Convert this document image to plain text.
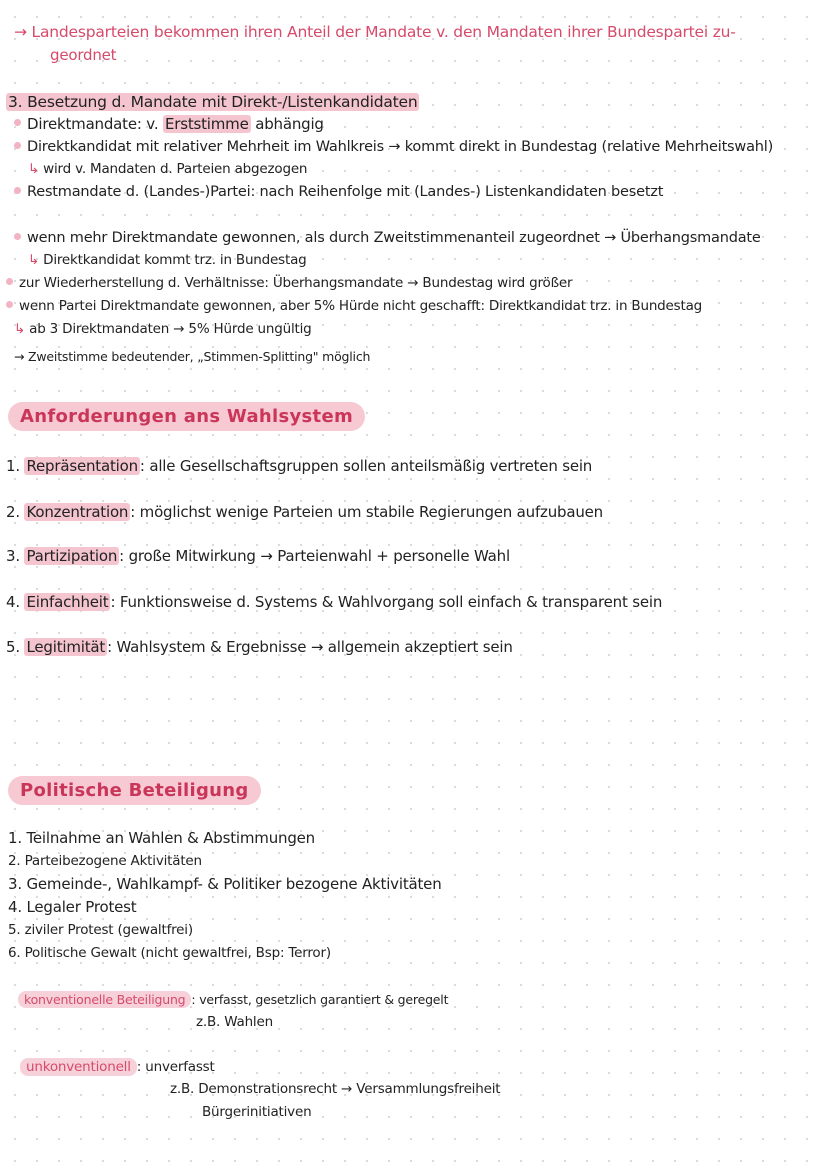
→ Landesparteien bekommen ihren Anteil der Mandate v. den Mandaten ihrer Bundespartei zu-
geordnet
3. Besetzung d. Mandate mit Direkt-/Listenkandidaten
Direktmandate: v. Erststimme abhängig
Direktkandidat mit relativer Mehrheit im Wahlkreis → kommt direkt in Bundestag (relative Mehrheitswahl)
↳ wird v. Mandaten d. Parteien abgezogen
Restmandate d. (Landes-)Partei: nach Reihenfolge mit (Landes-) Listenkandidaten besetzt
wenn mehr Direktmandate gewonnen, als durch Zweitstimmenanteil zugeordnet → Überhangsmandate
↳ Direktkandidat kommt trz. in Bundestag
zur Wiederherstellung d. Verhältnisse: Überhangsmandate → Bundestag wird größer
wenn Partei Direktmandate gewonnen, aber 5% Hürde nicht geschafft: Direktkandidat trz. in Bundestag
↳ ab 3 Direktmandaten → 5% Hürde ungültig
→ Zweitstimme bedeutender, „Stimmen-Splitting" möglich
Anforderungen ans Wahlsystem
1. Repräsentation : alle Gesellschaftsgruppen sollen anteilsmäßig vertreten sein
2. Konzentration : möglichst wenige Parteien um stabile Regierungen aufzubauen
3. Partizipation : große Mitwirkung → Parteienwahl + personelle Wahl
4. Einfachheit : Funktionsweise d. Systems & Wahlvorgang soll einfach & transparent sein
5. Legitimität : Wahlsystem & Ergebnisse → allgemein akzeptiert sein
Politische Beteiligung
1. Teilnahme an Wahlen & Abstimmungen
2. Parteibezogene Aktivitäten
3. Gemeinde-, Wahlkampf- & Politiker bezogene Aktivitäten
4. Legaler Protest
5. ziviler Protest (gewaltfrei)
6. Politische Gewalt (nicht gewaltfrei, Bsp: Terror)
konventionelle Beteiligung : verfasst, gesetzlich garantiert & geregelt
z.B. Wahlen
unkonventionell : unverfasst
z.B. Demonstrationsrecht → Versammlungsfreiheit
Bürgerinitiativen
